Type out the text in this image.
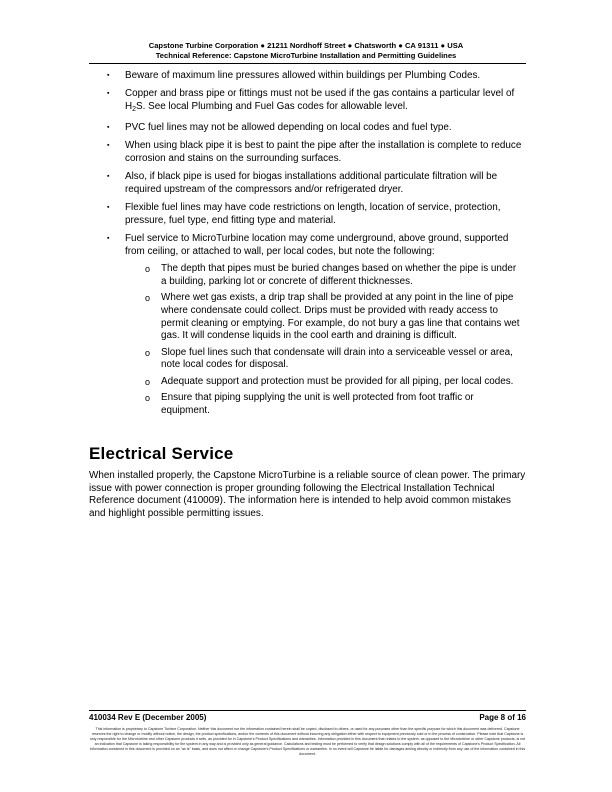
Capstone Turbine Corporation ● 21211 Nordhoff Street ● Chatsworth ● CA 91311 ● USA
Technical Reference: Capstone MicroTurbine Installation and Permitting Guidelines
▪ Beware of maximum line pressures allowed within buildings per Plumbing Codes.
▪ Copper and brass pipe or fittings must not be used if the gas contains a particular level of $H_2S$. See local Plumbing and Fuel Gas codes for allowable level.
▪ PVC fuel lines may not be allowed depending on local codes and fuel type.
▪ When using black pipe it is best to paint the pipe after the installation is complete to reduce corrosion and stains on the surrounding surfaces.
▪ Also, if black pipe is used for biogas installations additional particulate filtration will be required upstream of the compressors and/or refrigerated dryer.
▪ Flexible fuel lines may have code restrictions on length, location of service, protection, pressure, fuel type, end fitting type and material.
▪ Fuel service to MicroTurbine location may come underground, above ground, supported from ceiling, or attached to wall, per local codes, but note the following:
o The depth that pipes must be buried changes based on whether the pipe is under a building, parking lot or concrete of different thicknesses.
o Where wet gas exists, a drip trap shall be provided at any point in the line of pipe where condensate could collect. Drips must be provided with ready access to permit cleaning or emptying. For example, do not bury a gas line that contains wet gas. It will condense liquids in the cool earth and draining is difficult.
o Slope fuel lines such that condensate will drain into a serviceable vessel or area, note local codes for disposal.
o Adequate support and protection must be provided for all piping, per local codes.
o Ensure that piping supplying the unit is well protected from foot traffic or equipment.
Electrical Service
When installed properly, the Capstone MicroTurbine is a reliable source of clean power. The primary issue with power connection is proper grounding following the Electrical Installation Technical Reference document (410009). The information here is intended to help avoid common mistakes and highlight possible permitting issues.
410034 Rev E (December 2005)	Page 8 of 16
This information is proprietary to Capstone Turbine Corporation. Neither this document nor the information contained herein shall be copied, disclosed to others, or used for any purposes other than the specific purpose for which this document was delivered. Capstone reserves the right to change or modify without notice, the design, the product specifications, and/or the contents of this document without incurring any obligation either with respect to equipment previously sold or in the process of construction. Please note that Capstone is only responsible for the Microturbine and other Capstone products it sells, as provided for in Capstone's Product Specifications and warranties. Information provided in this document that relates to the system, as opposed to the Microturbine or other Capstone products, is not an indication that Capstone is taking responsibility for the system in any way and is provided only as general guidance. Calculations and testing must be performed to verify that design solutions comply with all of the requirements of Capstone's Product Specification. All information contained in this document is provided on an "as is" basis, and does not affect or change Capstone's Product Specifications or warranties. In no event will Capstone be liable for damages arising directly or indirectly from any use of the information contained in this document.
